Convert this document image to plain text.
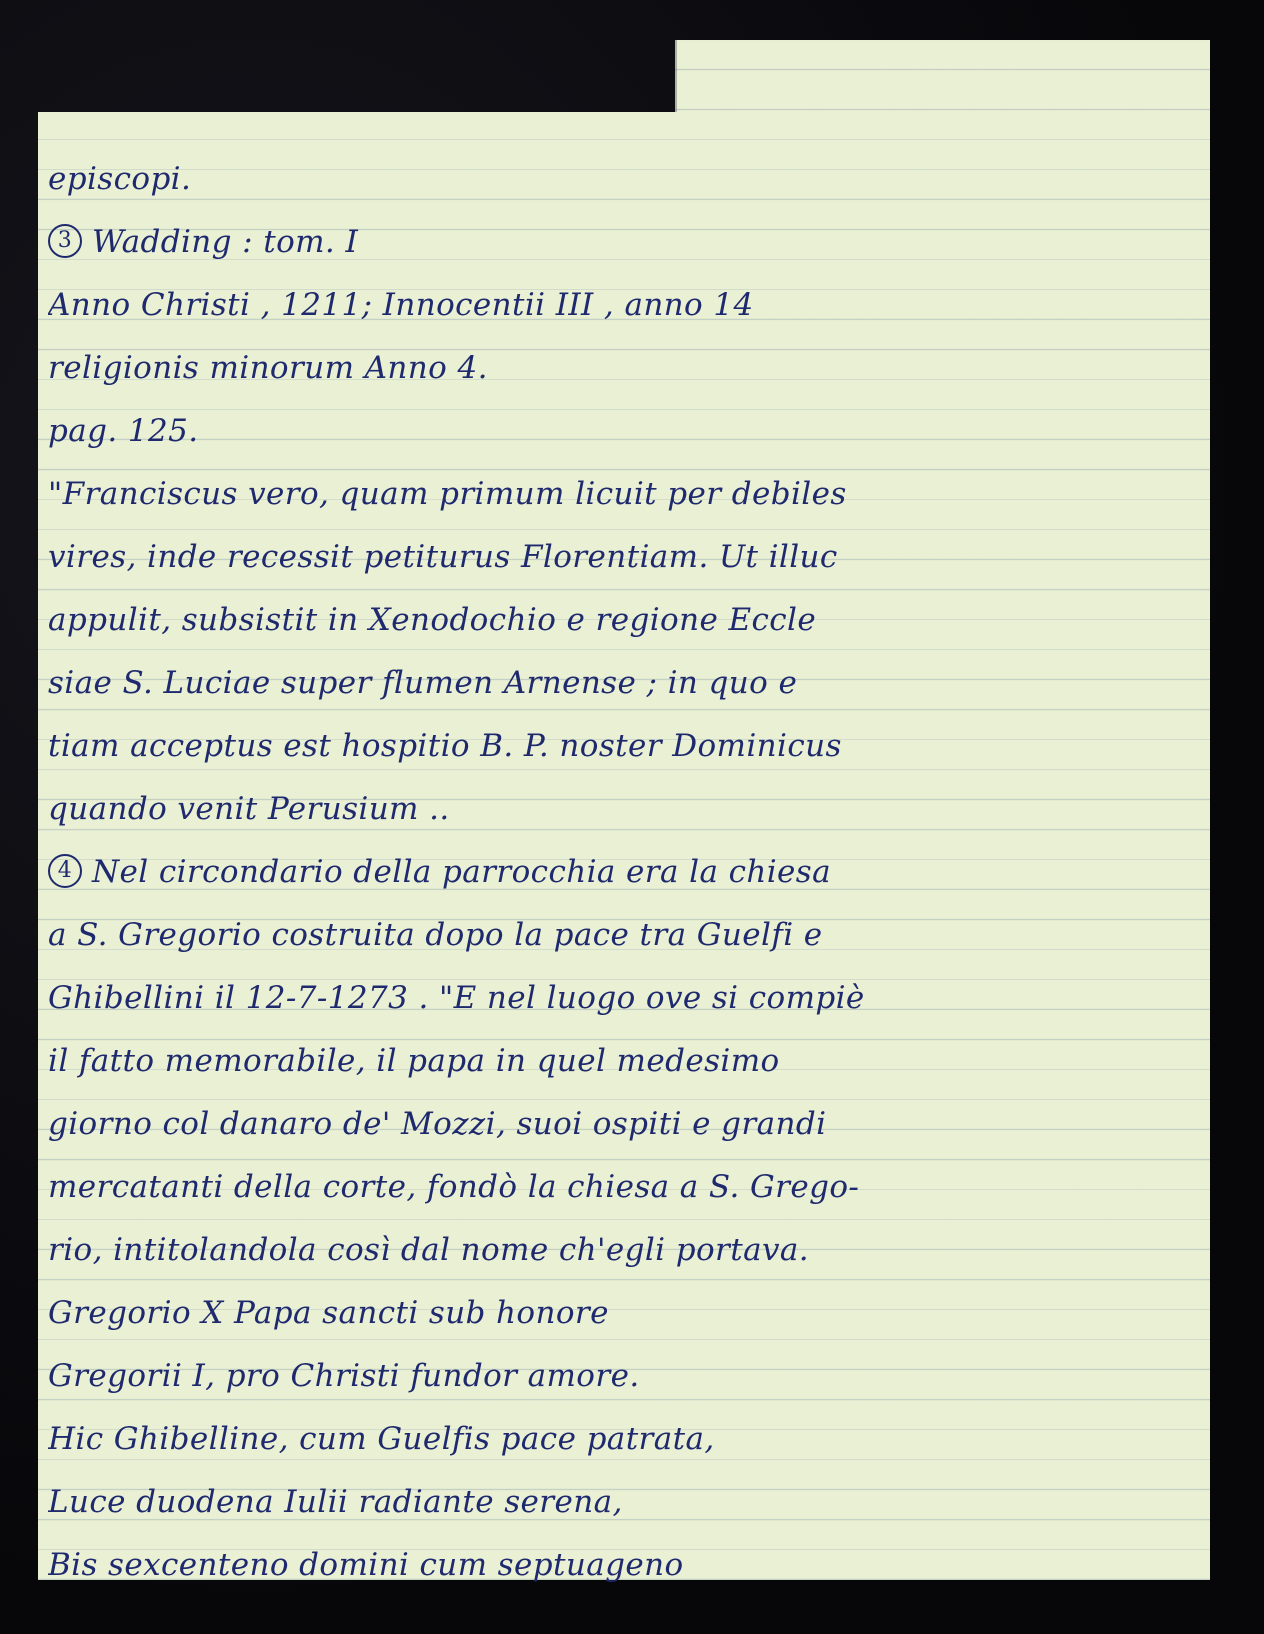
episcopi.
3 Wadding : tom. I
Anno Christi , 1211; Innocentii III , anno 14
religionis minorum Anno 4.
pag. 125.
"Franciscus vero, quam primum licuit per debiles
vires, inde recessit petiturus Florentiam. Ut illuc
appulit, subsistit in Xenodochio e regione Eccle
siae S. Luciae super flumen Arnense ; in quo e
tiam acceptus est hospitio B. P. noster Dominicus
quando venit Perusium ..
4 Nel circondario della parrocchia era la chiesa
a S. Gregorio costruita dopo la pace tra Guelfi e
Ghibellini il 12-7-1273 . "E nel luogo ove si compiè
il fatto memorabile, il papa in quel medesimo
giorno col danaro de' Mozzi, suoi ospiti e grandi
mercatanti della corte, fondò la chiesa a S. Grego-
rio, intitolandola così dal nome ch'egli portava.
Gregorio X Papa sancti sub honore
Gregorii I, pro Christi fundor amore.
Hic Ghibelline, cum Guelfis pace patrata,
Luce duodena Iulii radiante serena,
Bis sexcenteno domini cum septuageno
